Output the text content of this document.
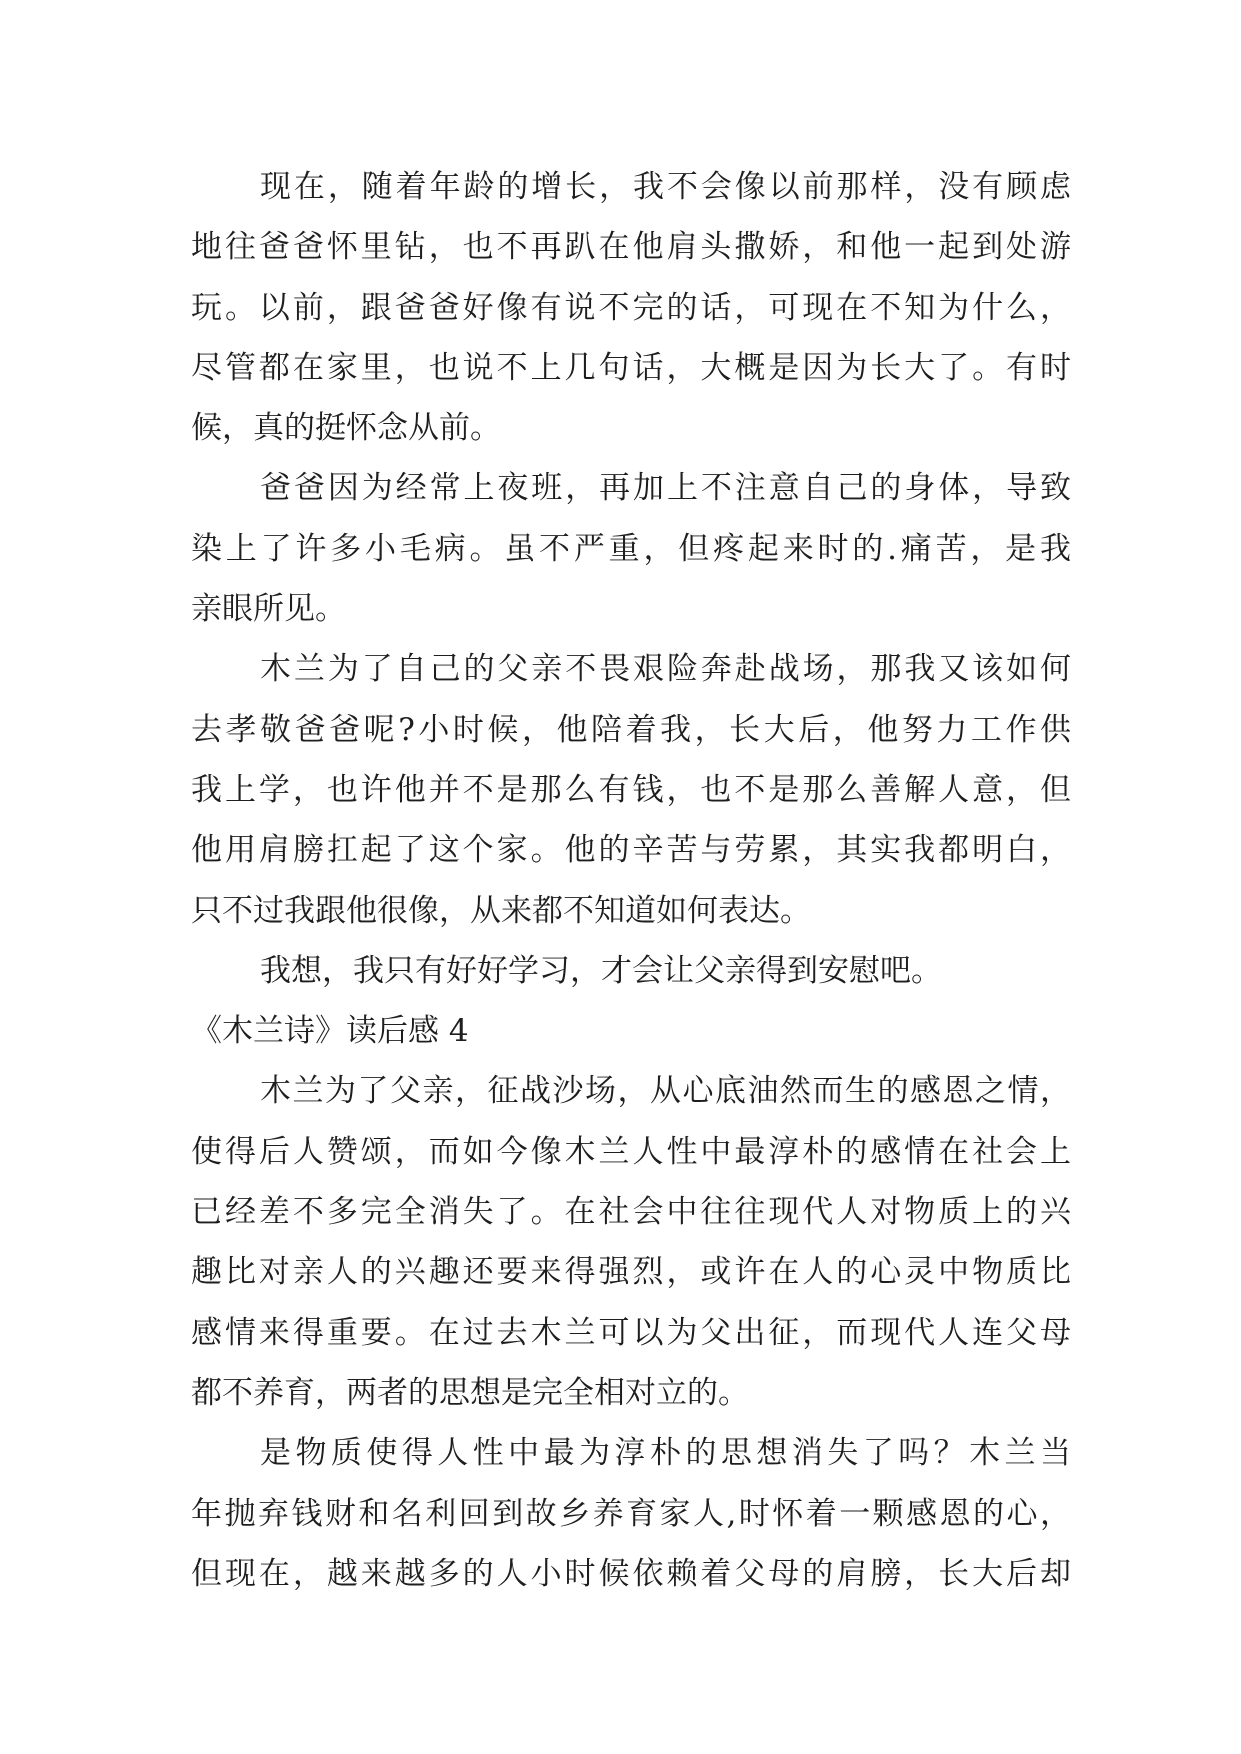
现在，随着年龄的增长，我不会像以前那样，没有顾虑
地往爸爸怀里钻，也不再趴在他肩头撒娇，和他一起到处游
玩。以前，跟爸爸好像有说不完的话，可现在不知为什么，
尽管都在家里，也说不上几句话，大概是因为长大了。有时
候，真的挺怀念从前。
爸爸因为经常上夜班，再加上不注意自己的身体，导致
染上了许多小毛病。虽不严重，但疼起来时的.痛苦，是我
亲眼所见。
木兰为了自己的父亲不畏艰险奔赴战场，那我又该如何
去孝敬爸爸呢?小时候，他陪着我，长大后，他努力工作供
我上学，也许他并不是那么有钱，也不是那么善解人意，但
他用肩膀扛起了这个家。他的辛苦与劳累，其实我都明白，
只不过我跟他很像，从来都不知道如何表达。
我想，我只有好好学习，才会让父亲得到安慰吧。
《木兰诗》读后感 4
木兰为了父亲，征战沙场，从心底油然而生的感恩之情，
使得后人赞颂，而如今像木兰人性中最淳朴的感情在社会上
已经差不多完全消失了。在社会中往往现代人对物质上的兴
趣比对亲人的兴趣还要来得强烈，或许在人的心灵中物质比
感情来得重要。在过去木兰可以为父出征，而现代人连父母
都不养育，两者的思想是完全相对立的。
是物质使得人性中最为淳朴的思想消失了吗？木兰当
年抛弃钱财和名利回到故乡养育家人,时怀着一颗感恩的心，
但现在，越来越多的人小时候依赖着父母的肩膀，长大后却
